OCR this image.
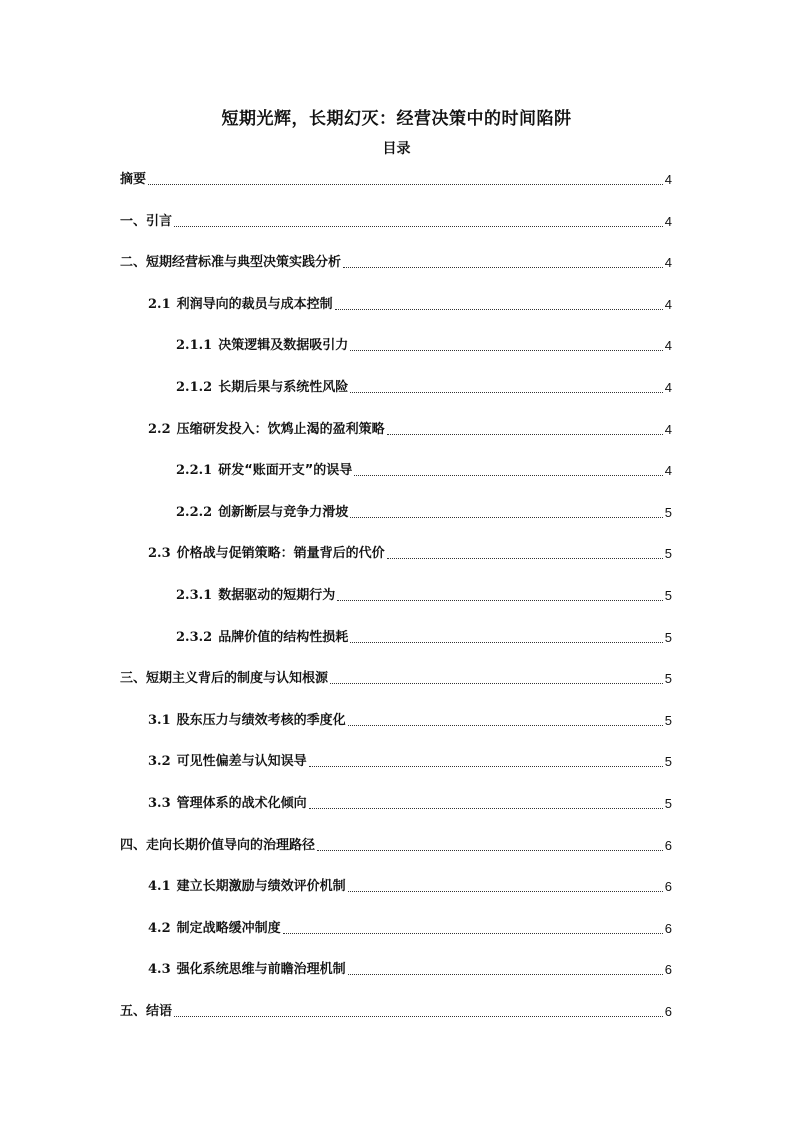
短期光辉，长期幻灭：经营决策中的时间陷阱
目录
摘要	4
一、引言	4
二、短期经营标准与典型决策实践分析	4
2.1 利润导向的裁员与成本控制	4
2.1.1 决策逻辑及数据吸引力	4
2.1.2 长期后果与系统性风险	4
2.2 压缩研发投入：饮鸩止渴的盈利策略	4
2.2.1 研发“账面开支”的误导	4
2.2.2 创新断层与竞争力滑坡	5
2.3 价格战与促销策略：销量背后的代价	5
2.3.1 数据驱动的短期行为	5
2.3.2 品牌价值的结构性损耗	5
三、短期主义背后的制度与认知根源	5
3.1 股东压力与绩效考核的季度化	5
3.2 可见性偏差与认知误导	5
3.3 管理体系的战术化倾向	5
四、走向长期价值导向的治理路径	6
4.1 建立长期激励与绩效评价机制	6
4.2 制定战略缓冲制度	6
4.3 强化系统思维与前瞻治理机制	6
五、结语	6
